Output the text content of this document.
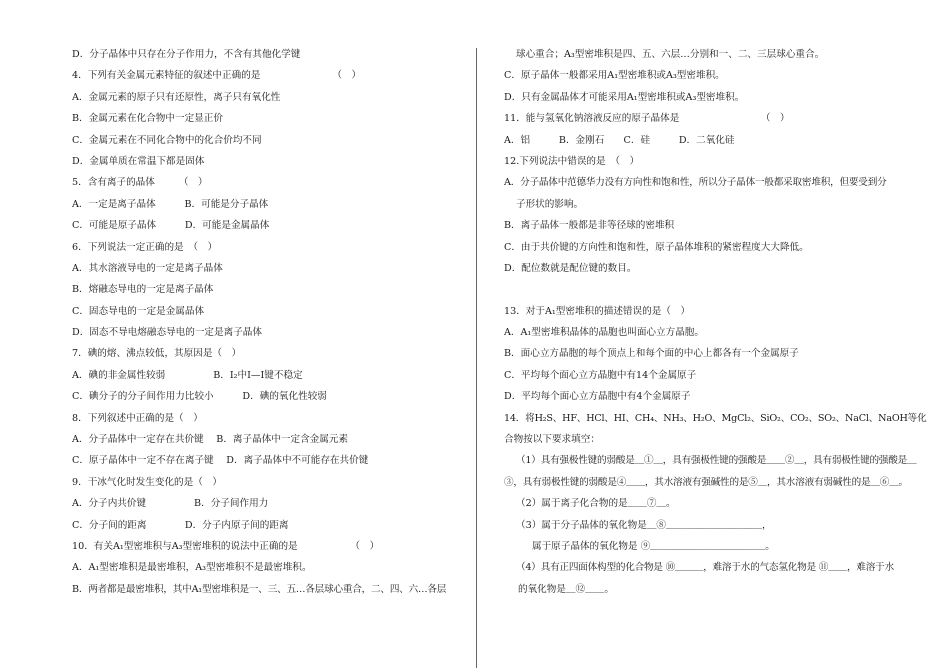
D．分子晶体中只存在分子作用力，不含有其他化学键
4．下列有关金属元素特征的叙述中正确的是　　　　　　　　（　）
A．金属元素的原子只有还原性，离子只有氧化性
B．金属元素在化合物中一定显正价
C．金属元素在不同化合物中的化合价均不同
D．金属单质在常温下都是固体
5．含有离子的晶体　　　（　）
A．一定是离子晶体　　　B．可能是分子晶体
C．可能是原子晶体　　　D．可能是金属晶体
6．下列说法一定正确的是　（　）
A．其水溶液导电的一定是离子晶体
B．熔融态导电的一定是离子晶体
C．固态导电的一定是金属晶体
D．固态不导电熔融态导电的一定是离子晶体
7．碘的熔、沸点较低，其原因是（　）
A．碘的非金属性较弱　　　　　B．I₂中I—I键不稳定
C．碘分子的分子间作用力比较小　　　D．碘的氧化性较弱
8．下列叙述中正确的是（　）
A．分子晶体中一定存在共价键　 B．离子晶体中一定含金属元素
C．原子晶体中一定不存在离子键　 D．离子晶体中不可能存在共价键
9．干冰气化时发生变化的是（　）
A．分子内共价键　　　　　B．分子间作用力
C．分子间的距离　　　　D．分子内原子间的距离
10．有关A₁型密堆积与A₃型密堆积的说法中正确的是　　　　　　（　）
A．A₁型密堆积是最密堆积，A₃型密堆积不是最密堆积。
B．两者都是最密堆积，其中A₁型密堆积是一、三、五…各层球心重合，二、四、六…各层
球心重合；A₃型密堆积是四、五、六层…分别和一、二、三层球心重合。
C．原子晶体一般都采用A₁型密堆积或A₃型密堆积。
D．只有金属晶体才可能采用A₁型密堆积或A₃型密堆积。
11．能与氢氧化钠溶液反应的原子晶体是　　　　　　　　　（　）
A．铝　　　B．金刚石　　C．硅　　　D．二氧化硅
12.下列说法中错误的是　（　）
A．分子晶体中范德华力没有方向性和饱和性，所以分子晶体一般都采取密堆积，但要受到分
子形状的影响。
B．离子晶体一般都是非等径球的密堆积
C．由于共价键的方向性和饱和性，原子晶体堆积的紧密程度大大降低。
D．配位数就是配位键的数目。
13．对于A₁型密堆积的描述错误的是（　）
A．A₁型密堆积晶体的晶胞也叫面心立方晶胞。
B．面心立方晶胞的每个顶点上和每个面的中心上都各有一个金属原子
C．平均每个面心立方晶胞中有14个金属原子
D．平均每个面心立方晶胞中有4个金属原子
14．将H₂S、HF、HCl、HI、CH₄、NH₃、H₂O、MgCl₂、SiO₂、CO₂、SO₂、NaCl、NaOH等化
合物按以下要求填空：
（1）具有强极性键的弱酸是＿①＿，具有强极性键的强酸是＿＿②＿，具有弱极性键的强酸是＿
③，具有弱极性键的弱酸是④＿＿，其水溶液有强碱性的是⑤＿，其水溶液有弱碱性的是＿⑥＿。
（2）属于离子化合物的是＿＿⑦＿。
（3）属于分子晶体的氧化物是＿⑧＿＿＿＿＿＿＿＿＿＿，
属于原子晶体的氧化物是 ⑨＿＿＿＿＿＿＿＿＿＿＿＿。
（4）具有正四面体构型的化合物是 ⑩＿＿＿，难溶于水的气态氢化物是 ⑪＿＿，难溶于水
的氧化物是＿⑫＿＿。
